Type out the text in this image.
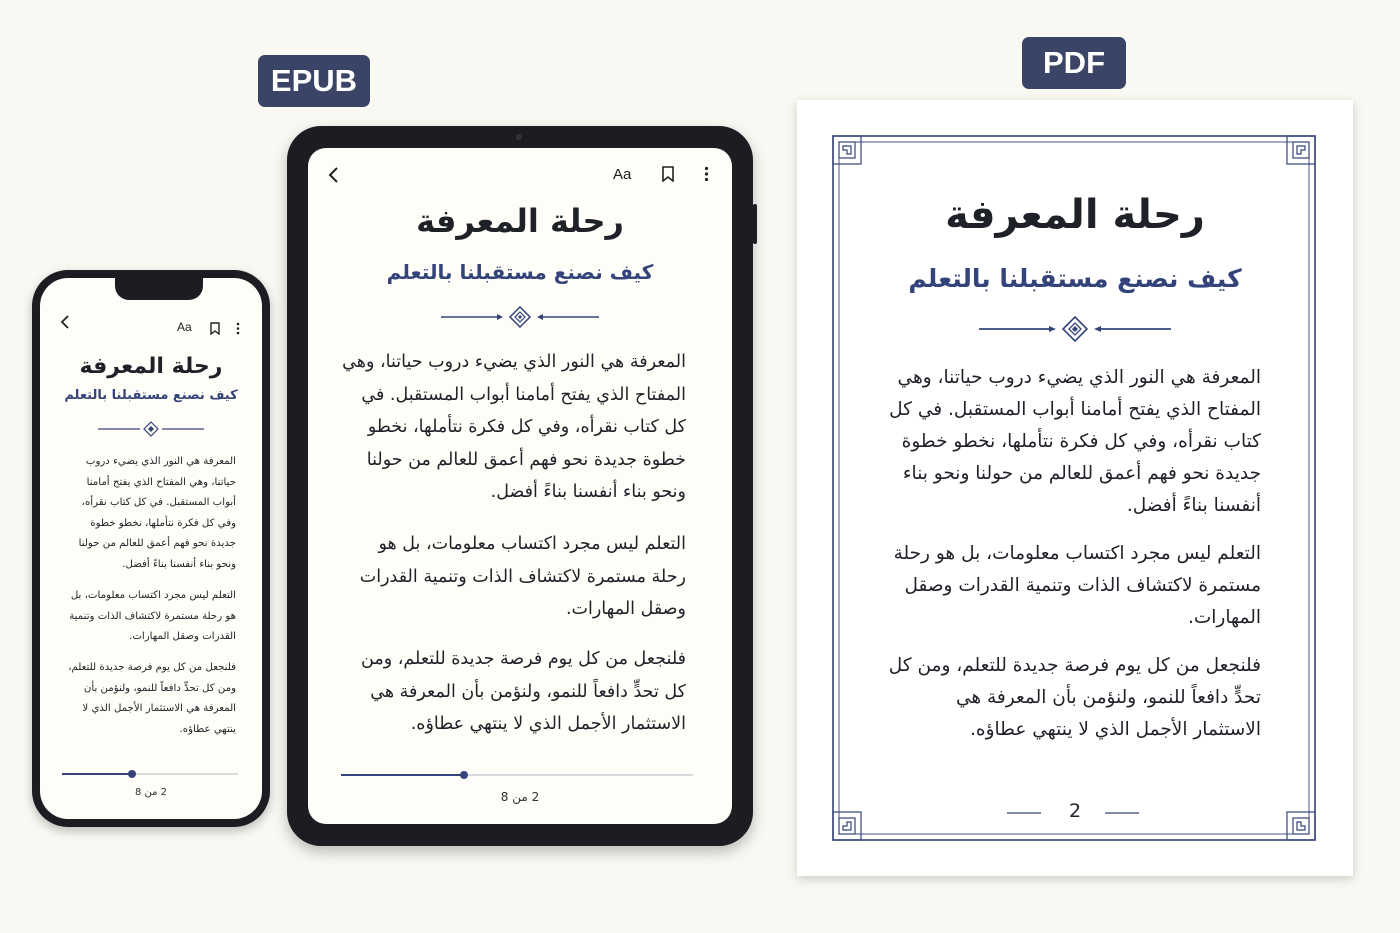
EPUB
PDF
Aa
رحلة المعرفة
كيف نصنع مستقبلنا بالتعلم
المعرفة هي النور الذي يضيء دروب حياتنا، وهي المفتاح الذي يفتح أمامنا أبواب المستقبل. في كل كتاب نقرأه، وفي كل فكرة نتأملها، نخطو خطوة جديدة نحو فهم أعمق للعالم من حولنا ونحو بناء أنفسنا بناءً أفضل.
التعلم ليس مجرد اكتساب معلومات، بل هو رحلة مستمرة لاكتشاف الذات وتنمية القدرات وصقل المهارات.
فلنجعل من كل يوم فرصة جديدة للتعلم، ومن كل تحدٍّ دافعاً للنمو، ولنؤمن بأن المعرفة هي الاستثمار الأجمل الذي لا ينتهي عطاؤه.
2 من 8
Aa
رحلة المعرفة
كيف نصنع مستقبلنا بالتعلم
المعرفة هي النور الذي يضيء دروب حياتنا، وهي المفتاح الذي يفتح أمامنا أبواب المستقبل. في كل كتاب نقرأه، وفي كل فكرة نتأملها، نخطو خطوة جديدة نحو فهم أعمق للعالم من حولنا ونحو بناء أنفسنا بناءً أفضل.
التعلم ليس مجرد اكتساب معلومات، بل هو رحلة مستمرة لاكتشاف الذات وتنمية القدرات وصقل المهارات.
فلنجعل من كل يوم فرصة جديدة للتعلم، ومن كل تحدٍّ دافعاً للنمو، ولنؤمن بأن المعرفة هي الاستثمار الأجمل الذي لا ينتهي عطاؤه.
2 من 8
رحلة المعرفة
كيف نصنع مستقبلنا بالتعلم
المعرفة هي النور الذي يضيء دروب حياتنا، وهي المفتاح الذي يفتح أمامنا أبواب المستقبل. في كل كتاب نقرأه، وفي كل فكرة نتأملها، نخطو خطوة جديدة نحو فهم أعمق للعالم من حولنا ونحو بناء أنفسنا بناءً أفضل.
التعلم ليس مجرد اكتساب معلومات، بل هو رحلة مستمرة لاكتشاف الذات وتنمية القدرات وصقل المهارات.
فلنجعل من كل يوم فرصة جديدة للتعلم، ومن كل تحدٍّ دافعاً للنمو، ولنؤمن بأن المعرفة هي الاستثمار الأجمل الذي لا ينتهي عطاؤه.
2
